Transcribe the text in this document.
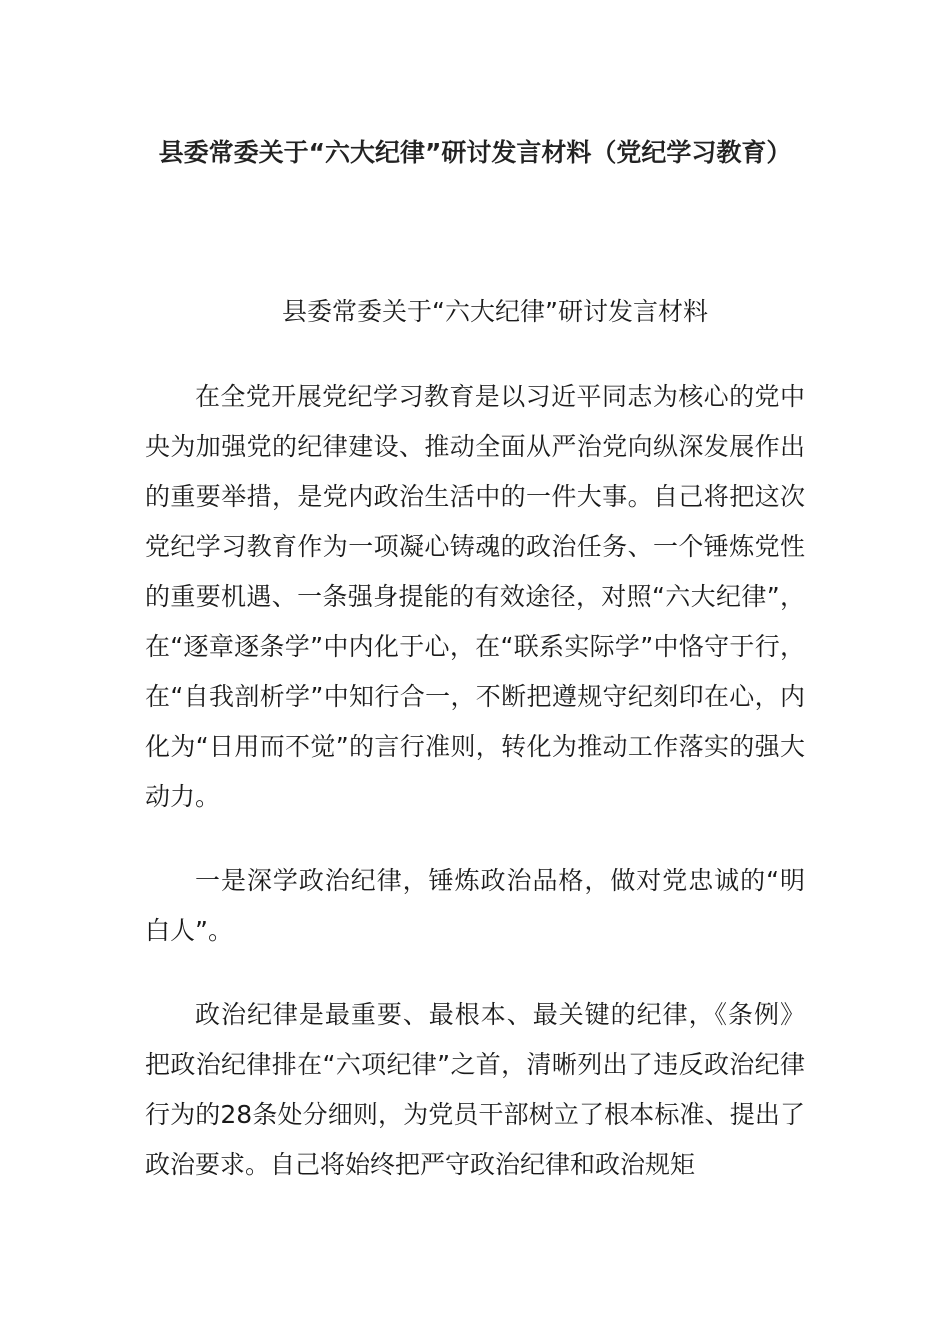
县委常委关于“六大纪律”研讨发言材料（党纪学习教育）

县委常委关于“六大纪律”研讨发言材料

在全党开展党纪学习教育是以习近平同志为核心的党中央为加强党的纪律建设、推动全面从严治党向纵深发展作出的重要举措，是党内政治生活中的一件大事。自己将把这次党纪学习教育作为一项凝心铸魂的政治任务、一个锤炼党性的重要机遇、一条强身提能的有效途径，对照“六大纪律”，在“逐章逐条学”中内化于心，在“联系实际学”中恪守于行，在“自我剖析学”中知行合一，不断把遵规守纪刻印在心，内化为“日用而不觉”的言行准则，转化为推动工作落实的强大动力。

一是深学政治纪律，锤炼政治品格，做对党忠诚的“明白人”。

政治纪律是最重要、最根本、最关键的纪律，《条例》把政治纪律排在“六项纪律”之首，清晰列出了违反政治纪律行为的28条处分细则，为党员干部树立了根本标准、提出了政治要求。自己将始终把严守政治纪律和政治规矩
